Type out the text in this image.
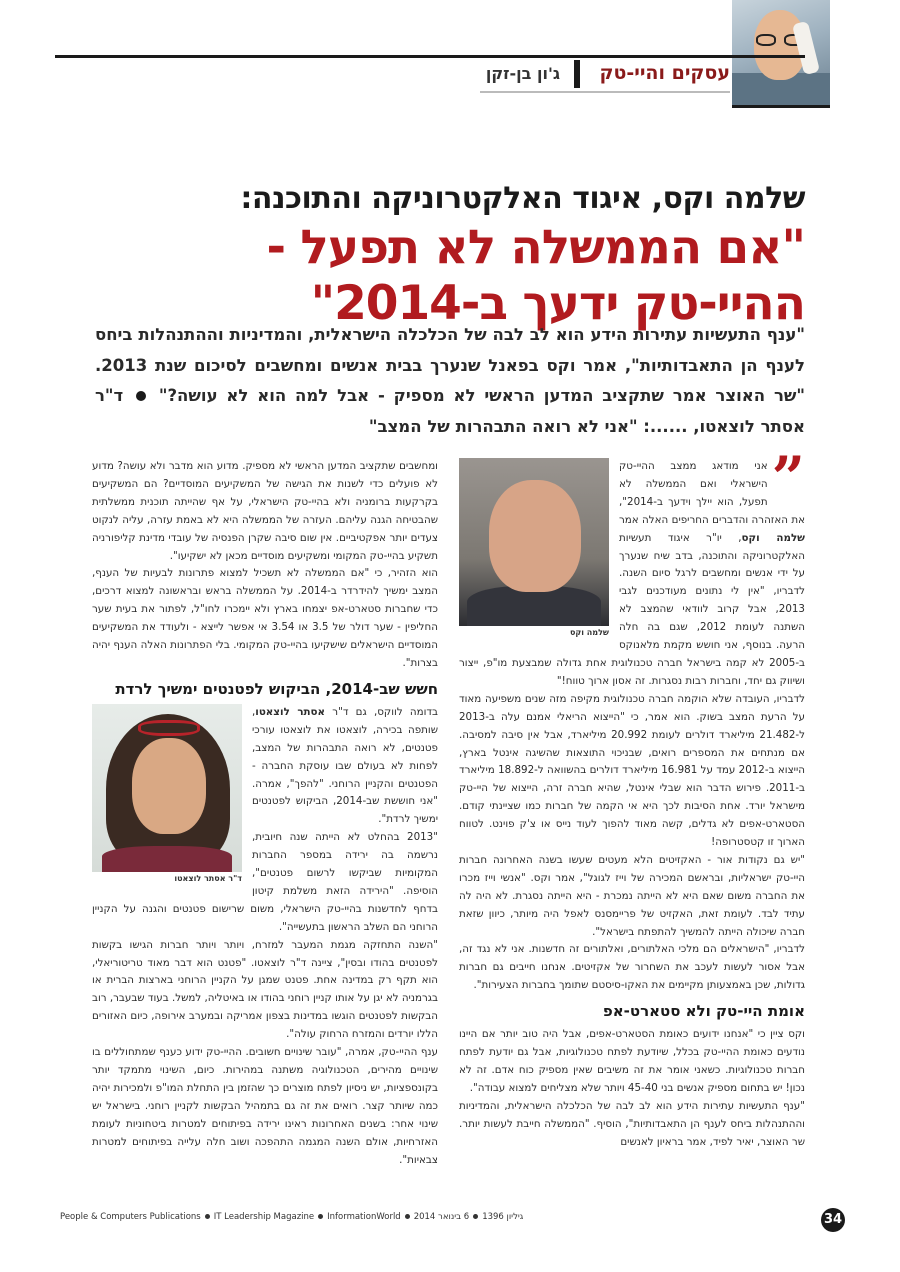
עסקים והיי-טק
ג'ון בן-זקן
שלמה וקס, איגוד האלקטרוניקה והתוכנה:
"אם הממשלה לא תפעל - ההיי-טק ידעך ב-2014"
"ענף התעשיות עתירות הידע הוא לב לבה של הכלכלה הישראלית, והמדיניות וההתנהלות ביחס לענף הן התאבדותיות", אמר וקס בפאנל שנערך בבית אנשים ומחשבים לסיכום שנת 2013. "שר האוצר אמר שתקציב המדען הראשי לא מספיק - אבל למה הוא לא עושה?"  ד"ר אסתר לוצאטו, ......: "אני לא רואה התבהרות של המצב"
שלמה וקס

”
אני מודאג ממצב ההיי-טק הישראלי ואם הממשלה לא תפעל, הוא יילך וידעך ב-2014", את האזהרה והדברים החריפים האלה אמר שלמה וקס, יו"ר איגוד תעשיות האלקטרוניקה והתוכנה, בדב שיח שנערך על ידי אנשים ומחשבים לרגל סיום השנה. לדבריו, "אין לי נתונים מעודכנים לגבי 2013, אבל קרוב לוודאי שהמצב לא השתנה לעומת 2012, שגם בה חלה הרעה. בנוסף, אני חושש מקמת מלאנוקס ב-2005 לא קמה בישראל חברה טכנולוגית אחת גדולה שמבצעת מו"פ, ייצור ושיווק גם יחד, וחברות רבות נסגרות. זה אסון ארוך טווח!"

לדבריו, העובדה שלא הוקמה חברה טכנולוגית מקיפה מזה שנים משפיעה מאוד על הרעת המצב בשוק. הוא אמר, כי "הייצוא הריאלי אמנם עלה ב-2013 ל-21.482 מיליארד דולרים לעומת 20.992 מיליארד, אבל אין סיבה למסיבה. אם מנתחים את המספרים רואים, שבניכוי התוצאות שהשיגה אינטל בארץ, הייצוא ב-2012 עמד על 16.981 מיליארד דולרים בהשוואה ל-18.892 מיליארד ב-2011. פירוש הדבר הוא שבלי אינטל, שהיא חברה זרה, הייצוא של היי-טק מישראל יורד. אחת הסיבות לכך היא אי הקמה של חברות כמו שציינתי קודם. הסטארט-אפים לא גדלים, קשה מאוד להפוך לעוד נייס או צ'ק פוינט. לטווח הארוך זו קטסטרופה!

"יש גם נקודות אור - האקזיטים הלא מעטים שעשו בשנה האחרונה חברות היי-טק ישראליות, ובראשם המכירה של וייז לגוגל", אמר וקס. "אנשי וייז מכרו את החברה משום שאם היא לא הייתה נמכרת - היא הייתה נסגרת. לא היה לה עתיד לבד. לעומת זאת, האקזיט של פריימסנס לאפל היה מיותר, כיוון שזאת חברה שיכולה הייתה להמשיך להתפתח בישראל".

לדבריו, "הישראלים הם מלכי האלתורים, ואלתורים זה חדשנות. אני לא נגד זה, אבל אסור לעשות לעכב את השחרור של אקזיטים. אנחנו חייבים גם חברות גדולות, שכן באמצעותן מקיימים את האקו-סיסטם שתומך בחברות הצעירות".

אומת היי-טק ולא סטארט-אפ

וקס ציין כי "אנחנו ידועים כאומת הסטארט-אפים, אבל היה טוב יותר אם היינו נודעים כאומת ההיי-טק בכלל, שיודעת לפתח טכנולוגיות, אבל גם יודעת לפתח חברות טכנולוגיות. כשאני אומר את זה משיבים שאין מספיק כוח אדם. זה לא נכון! יש בתחום מספיק אנשים בני 45-40 ויותר שלא מצליחים למצוא עבודה".

"ענף התעשיות עתירות הידע הוא לב לבה של הכלכלה הישראלית, והמדיניות וההתנהלות ביחס לענף הן התאבדותיות", הוסיף. "הממשלה חייבת לעשות יותר. שר האוצר, יאיר לפיד, אמר בראיון לאנשים

ומחשבים שתקציב המדען הראשי לא מספיק. מדוע הוא מדבר ולא עושה? מדוע לא פועלים כדי לשנות את הגישה של המשקיעים המוסדיים? הם המשקיעים בקרקעות ברומניה ולא בהיי-טק הישראלי, על אף שהייתה תוכנית ממשלתית שהבטיחה הגנה עליהם. העזרה של הממשלה היא לא באמת עזרה, עליה לנקוט צעדים יותר אפקטיביים. אין שום סיבה שקרן הפנסיה של עובדי מדינת קליפורניה תשקיע בהיי-טק המקומי ומשקיעים מוסדיים מכאן לא ישקיעו".

הוא הזהיר, כי "אם הממשלה לא תשכיל למצוא פתרונות לבעיות של הענף, המצב ימשיך להידרדר ב-2014. על הממשלה בראש ובראשונה למצוא דרכים, כדי שחברות סטארט-אפ יצמחו בארץ ולא יימכרו לחו"ל, לפתור את בעית שער החליפין - שער דולר של 3.5 או 3.54 אי אפשר לייצא - ולעודד את המשקיעים המוסדיים הישראלים שישקיעו בהיי-טק המקומי. בלי הפתרונות האלה הענף יהיה בצרות".

חשש שב-2014, הביקוש לפטנטים ימשיך לרדת
ד"ר אסתר לוצאטו

בדומה לווקס, גם ד"ר אסתר לוצאטו, שותפה בכירה, לוצאטו את לוצאטו עורכי פטנטים, לא רואה התבהרות של המצב, לפחות לא בעולם שבו עוסקת החברה - הפטנטים והקניין הרוחני. "להפך", אמרה. "אני חוששת שב-2014, הביקוש לפטנטים ימשיך לרדת".

"2013 בהחלט לא הייתה שנה חיובית, נרשמה בה ירידה במספר החברות המקומיות שביקשו לרשום פטנטים", הוסיפה. "הירידה הזאת משלמת קיטון בדחף לחדשנות בהיי-טק הישראלי, משום שרישום פטנטים והגנה על הקניין הרוחני הם השלב הראשון בתעשייה".

"השנה התחזקה מגמת המעבר למזרח, ויותר ויותר חברות הגישו בקשות לפטנטים בהודו ובסין", ציינה ד"ר לוצאטו. "פטנט הוא דבר מאוד טריטוריאלי, הוא תקף רק במדינה אחת. פטנט שמגן על הקניין הרוחני בארצות הברית או בגרמניה לא יגן על אותו קניין רוחני בהודו או באיטליה, למשל. בעוד שבעבר, רוב הבקשות לפטנטים הוגשו במדינות בצפון אמריקה ובמערב אירופה, כיום האזורים הללו יורדים והמזרח הרחוק עולה".

ענף ההיי-טק, אמרה, "עובר שינויים חשובים. ההיי-טק ידוע כענף שמתחוללים בו שינויים מהירים, הטכנולוגיה משתנה במהירות. כיום, השינוי מתמקד יותר בקונספציות, יש ניסיון לפתח מוצרים כך שהזמן בין התחלת המו"פ ולמכירות יהיה כמה שיותר קצר. רואים את זה גם בתמהיל הבקשות לקניין רוחני. בישראל יש שינוי אחר: בשנים האחרונות ראינו ירידה בפיתוחים למטרות ביטחוניות לעומת האזרחיות, אולם השנה המגמה התהפכה ושוב חלה עלייה בפיתוחים למטרות צבאיות".

34
People & Computers Publications IT Leadership Magazine InformationWorld 6 בינואר 2014 גיליון 1396
